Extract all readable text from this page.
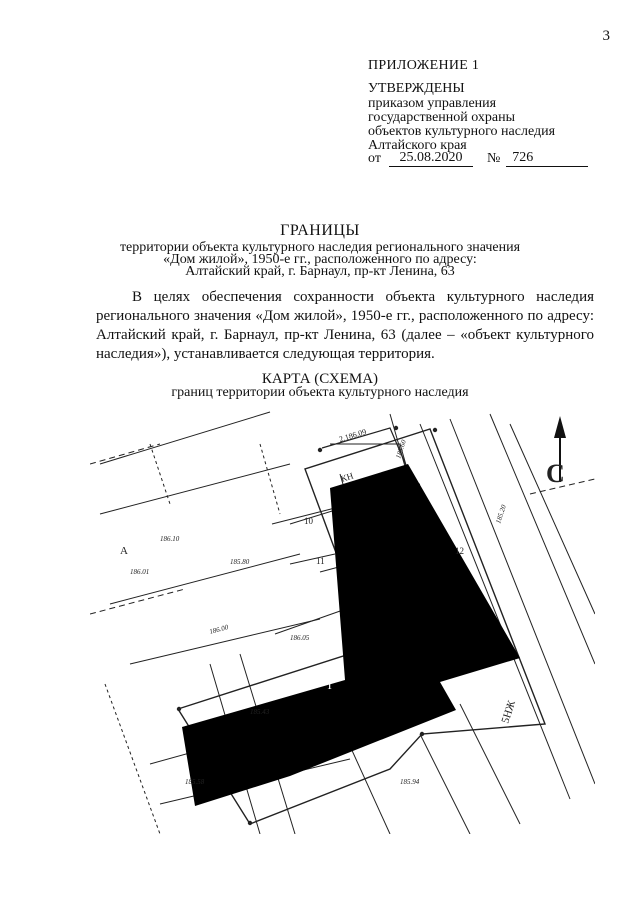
3
ПРИЛОЖЕНИЕ 1
УТВЕРЖДЕНЫ
приказом управления
государственной охраны
объектов культурного наследия
Алтайского края
от	25.08.2020	№ 726
ГРАНИЦЫ
территории объекта культурного наследия регионального значения
«Дом жилой», 1950-е гг., расположенного по адресу:
Алтайский край, г. Барнаул, пр-кт Ленина, 63
В целях обеспечения сохранности объекта культурного наследия регионального значения «Дом жилой», 1950-е гг., расположенного по адресу: Алтайский край, г. Барнаул, пр-кт Ленина, 63 (далее – «объект культурного наследия»), устанавливается следующая территория.
КАРТА (СХЕМА)
границ территории объекта культурного наследия
С
Т
КН
А
5НЖ
2.186.09
10
11
12
186.10
186.01
185.80
185.60
186.05
185.43
185.94
185.58
185.20
186.00
